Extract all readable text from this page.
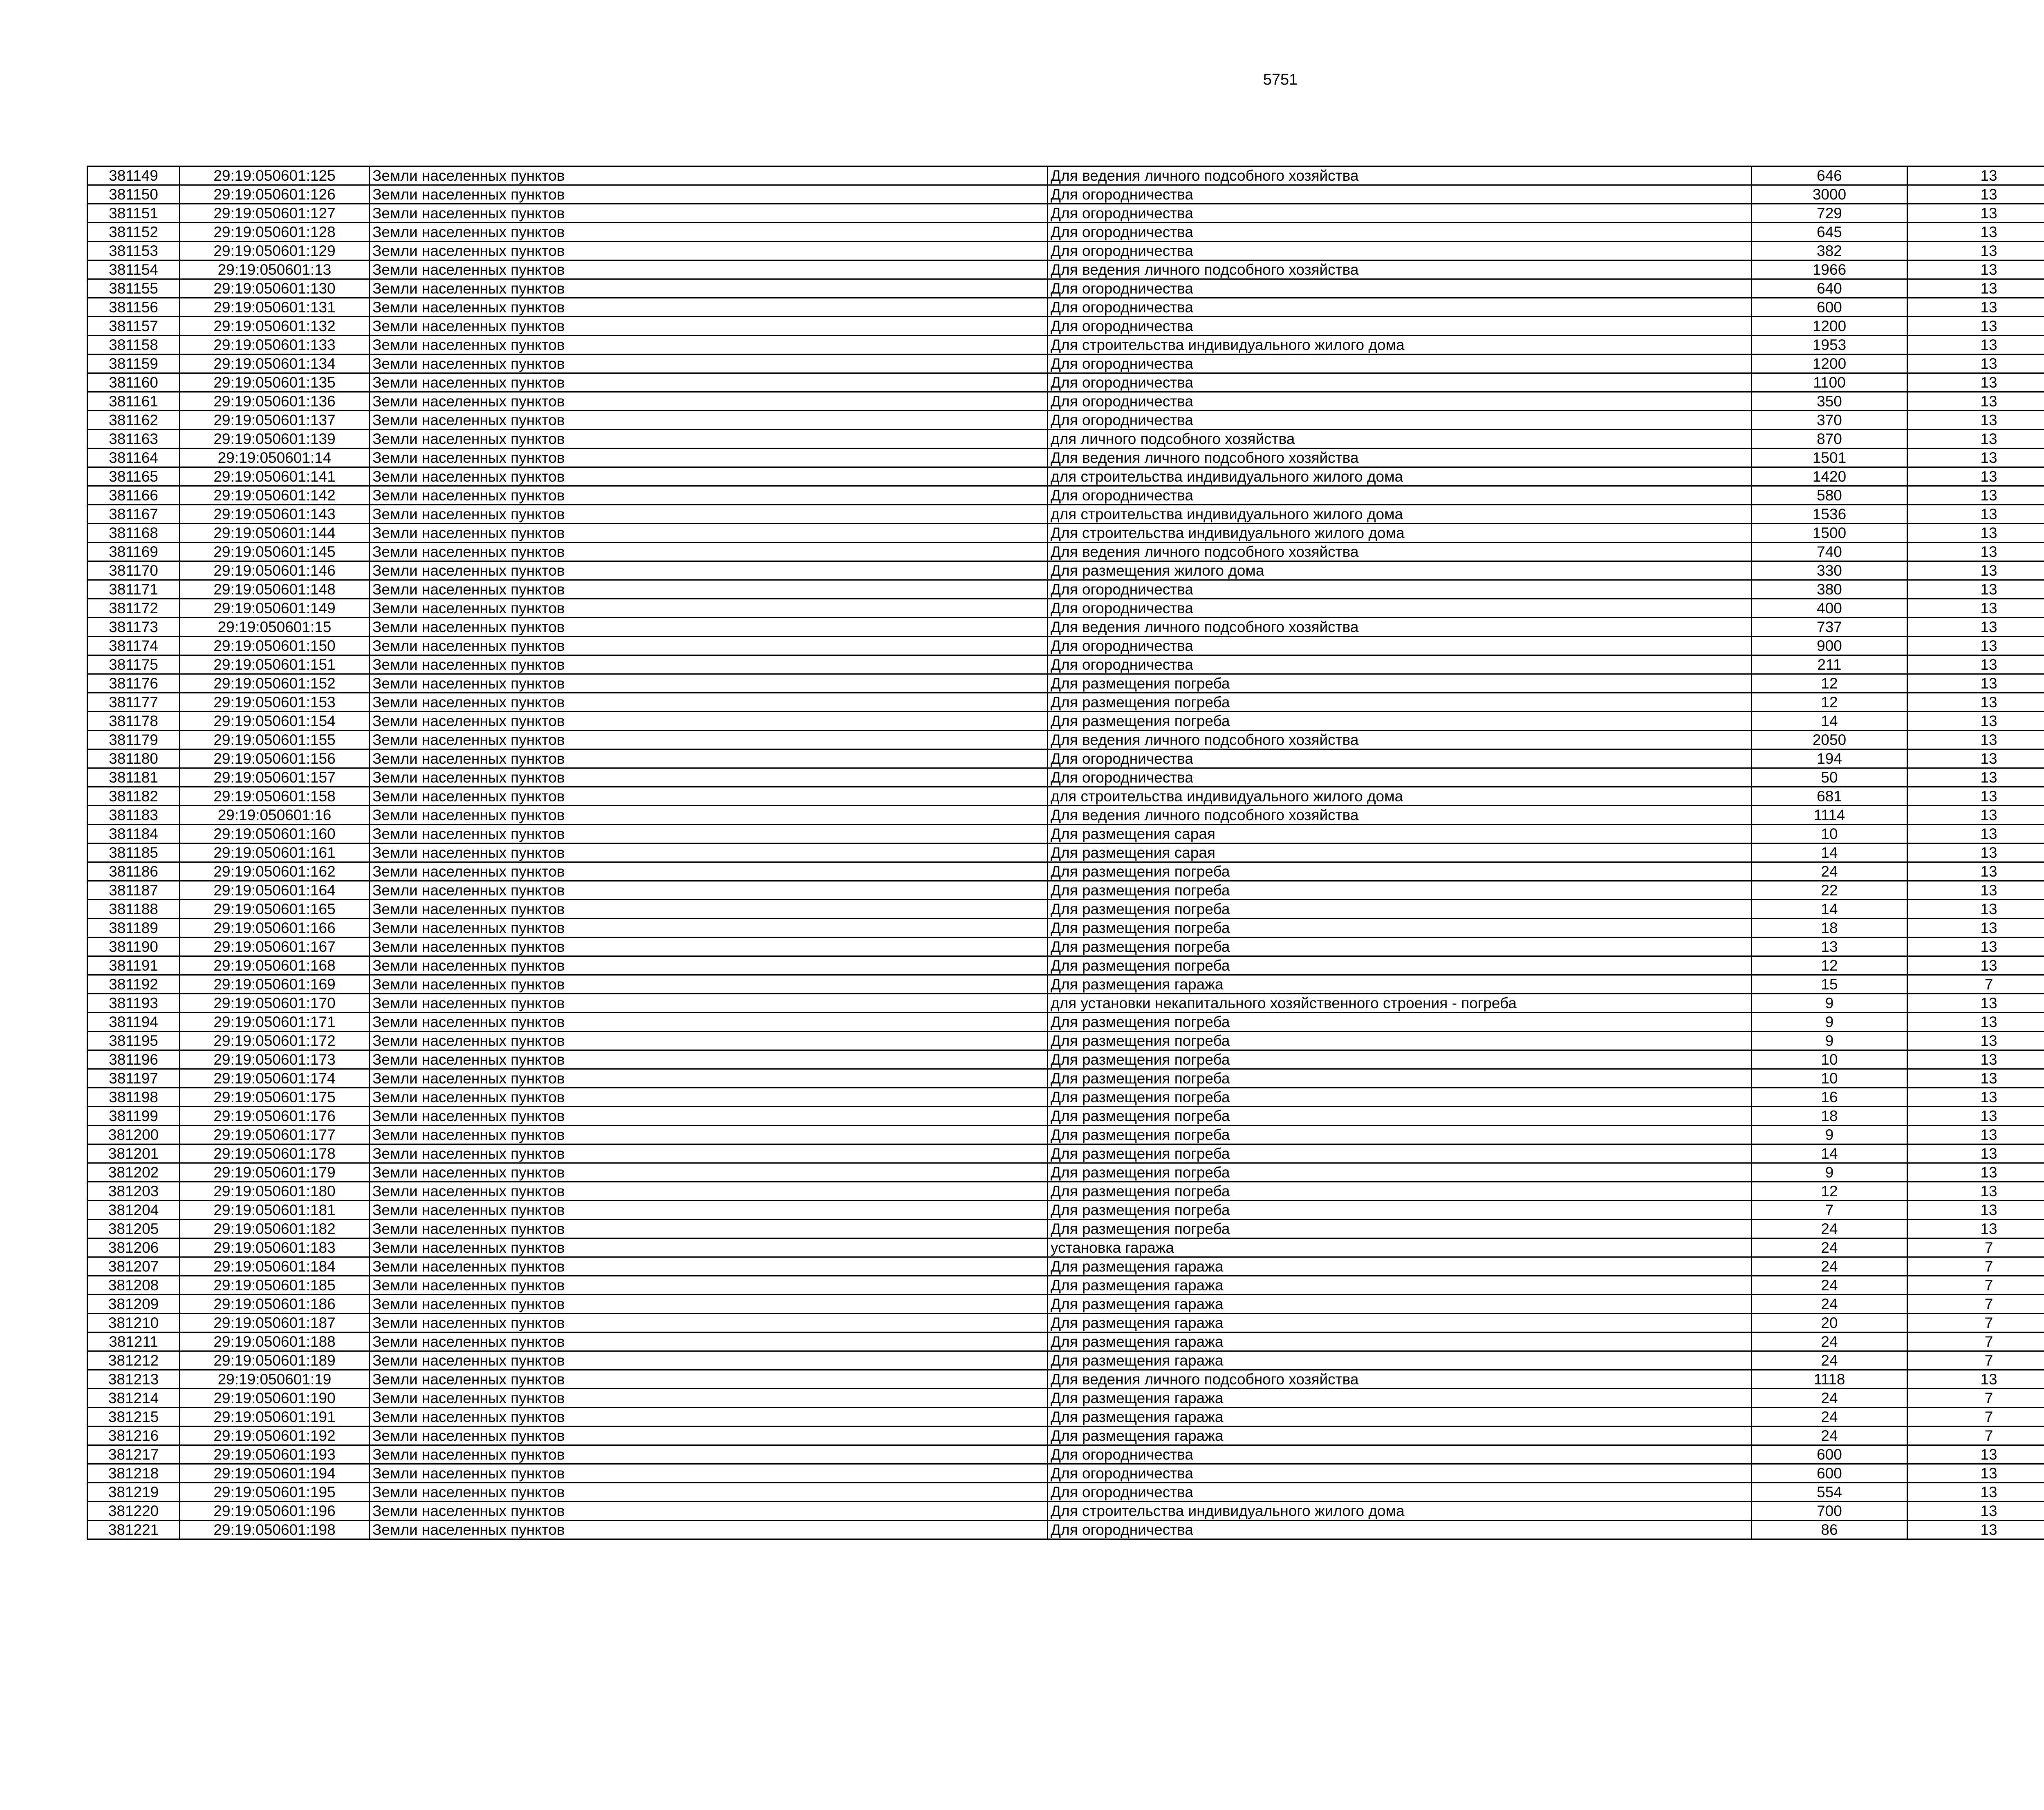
5751
381149	29:19:050601:125	Земли населенных пунктов	Для ведения личного подсобного хозяйства	646	13		
381150	29:19:050601:126	Земли населенных пунктов	Для огородничества	3000	13		
381151	29:19:050601:127	Земли населенных пунктов	Для огородничества	729	13		
381152	29:19:050601:128	Земли населенных пунктов	Для огородничества	645	13		
381153	29:19:050601:129	Земли населенных пунктов	Для огородничества	382	13		
381154	29:19:050601:13	Земли населенных пунктов	Для ведения личного подсобного хозяйства	1966	13		
381155	29:19:050601:130	Земли населенных пунктов	Для огородничества	640	13		
381156	29:19:050601:131	Земли населенных пунктов	Для огородничества	600	13		
381157	29:19:050601:132	Земли населенных пунктов	Для огородничества	1200	13		
381158	29:19:050601:133	Земли населенных пунктов	Для строительства индивидуального жилого дома	1953	13		
381159	29:19:050601:134	Земли населенных пунктов	Для огородничества	1200	13		
381160	29:19:050601:135	Земли населенных пунктов	Для огородничества	1100	13		
381161	29:19:050601:136	Земли населенных пунктов	Для огородничества	350	13		
381162	29:19:050601:137	Земли населенных пунктов	Для огородничества	370	13		
381163	29:19:050601:139	Земли населенных пунктов	для личного подсобного хозяйства	870	13		
381164	29:19:050601:14	Земли населенных пунктов	Для ведения личного подсобного хозяйства	1501	13		
381165	29:19:050601:141	Земли населенных пунктов	для строительства индивидуального жилого дома	1420	13		
381166	29:19:050601:142	Земли населенных пунктов	Для огородничества	580	13		
381167	29:19:050601:143	Земли населенных пунктов	для строительства индивидуального жилого дома	1536	13		
381168	29:19:050601:144	Земли населенных пунктов	Для строительства индивидуального жилого дома	1500	13		
381169	29:19:050601:145	Земли населенных пунктов	Для ведения личного подсобного хозяйства	740	13		
381170	29:19:050601:146	Земли населенных пунктов	Для размещения жилого дома	330	13		
381171	29:19:050601:148	Земли населенных пунктов	Для огородничества	380	13		
381172	29:19:050601:149	Земли населенных пунктов	Для огородничества	400	13		
381173	29:19:050601:15	Земли населенных пунктов	Для ведения личного подсобного хозяйства	737	13		
381174	29:19:050601:150	Земли населенных пунктов	Для огородничества	900	13		
381175	29:19:050601:151	Земли населенных пунктов	Для огородничества	211	13		
381176	29:19:050601:152	Земли населенных пунктов	Для размещения погреба	12	13		
381177	29:19:050601:153	Земли населенных пунктов	Для размещения погреба	12	13		
381178	29:19:050601:154	Земли населенных пунктов	Для размещения погреба	14	13		
381179	29:19:050601:155	Земли населенных пунктов	Для ведения личного подсобного хозяйства	2050	13		
381180	29:19:050601:156	Земли населенных пунктов	Для огородничества	194	13		
381181	29:19:050601:157	Земли населенных пунктов	Для огородничества	50	13		
381182	29:19:050601:158	Земли населенных пунктов	для строительства индивидуального жилого дома	681	13		
381183	29:19:050601:16	Земли населенных пунктов	Для ведения личного подсобного хозяйства	1114	13		
381184	29:19:050601:160	Земли населенных пунктов	Для размещения сарая	10	13		
381185	29:19:050601:161	Земли населенных пунктов	Для размещения сарая	14	13		
381186	29:19:050601:162	Земли населенных пунктов	Для размещения погреба	24	13		
381187	29:19:050601:164	Земли населенных пунктов	Для размещения погреба	22	13		
381188	29:19:050601:165	Земли населенных пунктов	Для размещения погреба	14	13		
381189	29:19:050601:166	Земли населенных пунктов	Для размещения погреба	18	13		
381190	29:19:050601:167	Земли населенных пунктов	Для размещения погреба	13	13		
381191	29:19:050601:168	Земли населенных пунктов	Для размещения погреба	12	13		
381192	29:19:050601:169	Земли населенных пунктов	Для размещения гаража	15	7		
381193	29:19:050601:170	Земли населенных пунктов	для установки некапитального хозяйственного строения - погреба	9	13		
381194	29:19:050601:171	Земли населенных пунктов	Для размещения погреба	9	13		
381195	29:19:050601:172	Земли населенных пунктов	Для размещения погреба	9	13		
381196	29:19:050601:173	Земли населенных пунктов	Для размещения погреба	10	13		
381197	29:19:050601:174	Земли населенных пунктов	Для размещения погреба	10	13		
381198	29:19:050601:175	Земли населенных пунктов	Для размещения погреба	16	13		
381199	29:19:050601:176	Земли населенных пунктов	Для размещения погреба	18	13		
381200	29:19:050601:177	Земли населенных пунктов	Для размещения погреба	9	13		
381201	29:19:050601:178	Земли населенных пунктов	Для размещения погреба	14	13		
381202	29:19:050601:179	Земли населенных пунктов	Для размещения погреба	9	13		
381203	29:19:050601:180	Земли населенных пунктов	Для размещения погреба	12	13		
381204	29:19:050601:181	Земли населенных пунктов	Для размещения погреба	7	13		
381205	29:19:050601:182	Земли населенных пунктов	Для размещения погреба	24	13		
381206	29:19:050601:183	Земли населенных пунктов	установка гаража	24	7		
381207	29:19:050601:184	Земли населенных пунктов	Для размещения гаража	24	7		
381208	29:19:050601:185	Земли населенных пунктов	Для размещения гаража	24	7		
381209	29:19:050601:186	Земли населенных пунктов	Для размещения гаража	24	7		
381210	29:19:050601:187	Земли населенных пунктов	Для размещения гаража	20	7		
381211	29:19:050601:188	Земли населенных пунктов	Для размещения гаража	24	7		
381212	29:19:050601:189	Земли населенных пунктов	Для размещения гаража	24	7		
381213	29:19:050601:19	Земли населенных пунктов	Для ведения личного подсобного хозяйства	1118	13		
381214	29:19:050601:190	Земли населенных пунктов	Для размещения гаража	24	7		
381215	29:19:050601:191	Земли населенных пунктов	Для размещения гаража	24	7		
381216	29:19:050601:192	Земли населенных пунктов	Для размещения гаража	24	7		
381217	29:19:050601:193	Земли населенных пунктов	Для огородничества	600	13		
381218	29:19:050601:194	Земли населенных пунктов	Для огородничества	600	13		
381219	29:19:050601:195	Земли населенных пунктов	Для огородничества	554	13		
381220	29:19:050601:196	Земли населенных пунктов	Для строительства индивидуального жилого дома	700	13		
381221	29:19:050601:198	Земли населенных пунктов	Для огородничества	86	13		
